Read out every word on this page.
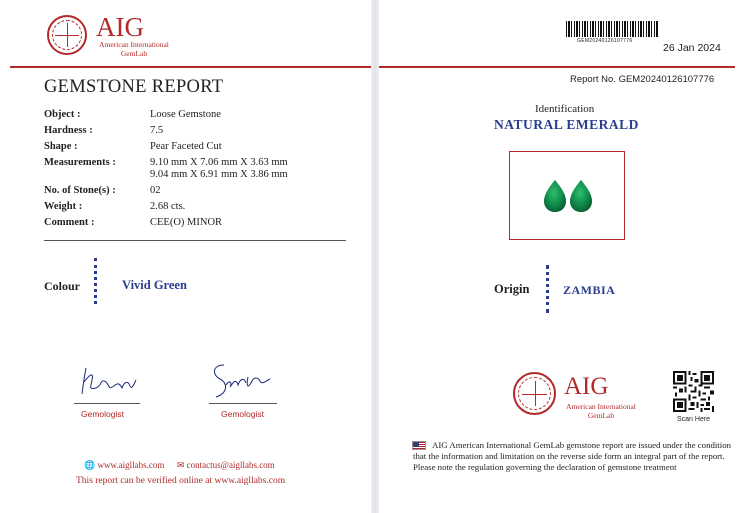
AIG
American International
GemLab
GEMSTONE REPORT
Object :	Loose Gemstone
Hardness :	7.5
Shape :	Pear Faceted Cut
Measurements :	9.10 mm X 7.06 mm X 3.63 mm
9.04 mm X 6.91 mm X 3.86 mm
No. of Stone(s) :	02
Weight :	2.68 cts.
Comment :	CEE(O) MINOR
Colour	Vivid Green
Gemologist	Gemologist
🌐 www.aigllabs.com ✉ contactus@aigllabs.com
This report can be verified online at www.aigllabs.com
GEM20240126107776
26 Jan 2024
Report No. GEM20240126107776
Identification
NATURAL EMERALD
Origin	ZAMBIA
AIG
American International
GemLab	Scan Here
AIG American International GemLab gemstone report are issued under the condition that the information and limitation on the reverse side form an integral part of the report. Please note the regulation governing the declaration of gemstone treatment
